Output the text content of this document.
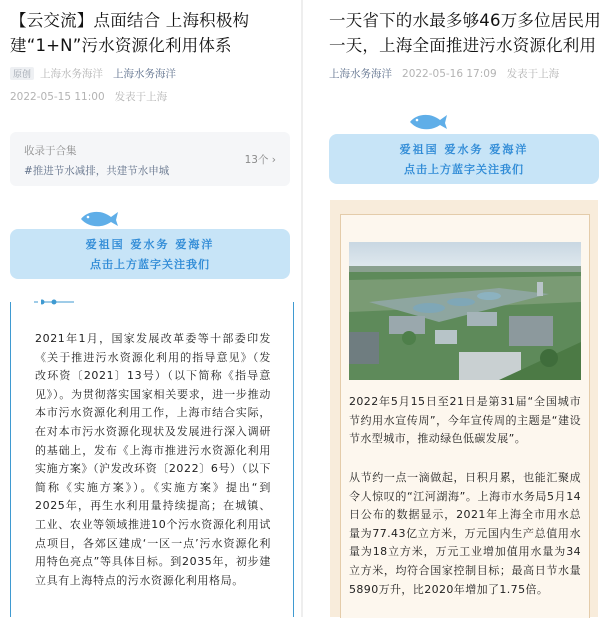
【云交流】点面结合 上海积极构建“1+N”污水资源化利用体系
原创 上海水务海洋 上海水务海洋
2022-05-15 11:00 发表于上海
收录于合集
#推进节水减排，共建节水申城
13个 ›
爱祖国 爱水务 爱海洋
点击上方蓝字关注我们
2021年1月，国家发展改革委等十部委印发《关于推进污水资源化利用的指导意见》（发改环资〔2021〕13号）（以下简称《指导意见》）。为贯彻落实国家相关要求，进一步推动本市污水资源化利用工作，上海市结合实际，在对本市污水资源化现状及发展进行深入调研的基础上，发布《上海市推进污水资源化利用实施方案》（沪发改环资〔2022〕6号）（以下简称《实施方案》）。《实施方案》提出“到2025年，再生水利用量持续提高；在城镇、工业、农业等领域推进10个污水资源化利用试点项目，各郊区建成‘一区一点’污水资源化利用特色亮点”等具体目标。到2035年，初步建立具有上海特点的污水资源化利用格局。
一天省下的水最多够46万多位居民用一天，上海全面推进污水资源化利用
上海水务海洋 2022-05-16 17:09 发表于上海
爱祖国 爱水务 爱海洋
点击上方蓝字关注我们
2022年5月15日至21日是第31届“全国城市节约用水宣传周”，今年宣传周的主题是“建设节水型城市，推动绿色低碳发展”。
从节约一点一滴做起，日积月累，也能汇聚成令人惊叹的“江河湖海”。上海市水务局5月14日公布的数据显示，2021年上海全市用水总量为77.43亿立方米，万元国内生产总值用水量为18立方米，万元工业增加值用水量为34立方米，均符合国家控制目标；最高日节水量5890万升，比2020年增加了1.75倍。
